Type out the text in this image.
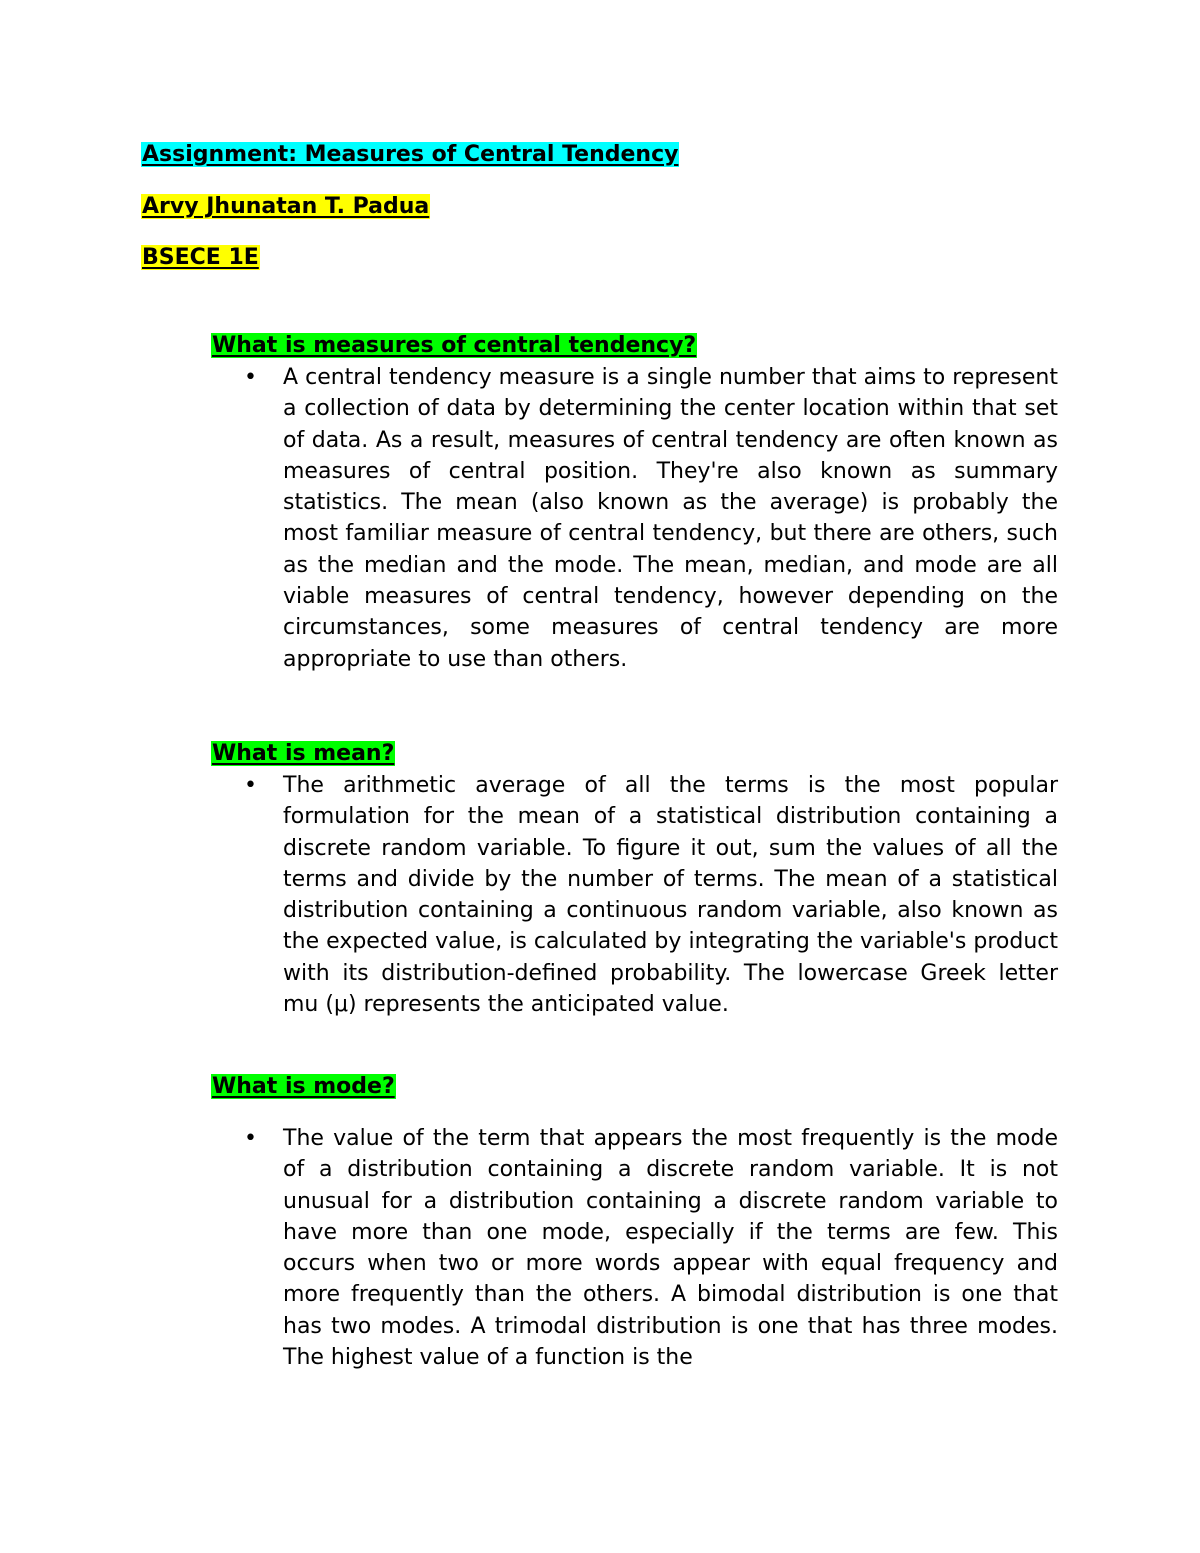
Assignment: Measures of Central Tendency
Arvy Jhunatan T. Padua
BSECE 1E
What is measures of central tendency?
• A central tendency measure is a single number that aims to represent a collection of data by determining the center location within that set of data. As a result, measures of central tendency are often known as measures of central position. They're also known as summary statistics. The mean (also known as the average) is probably the most familiar measure of central tendency, but there are others, such as the median and the mode. The mean, median, and mode are all viable measures of central tendency, however depending on the circumstances, some measures of central tendency are more appropriate to use than others.
What is mean?
• The arithmetic average of all the terms is the most popular formulation for the mean of a statistical distribution containing a discrete random variable. To figure it out, sum the values of all the terms and divide by the number of terms. The mean of a statistical distribution containing a continuous random variable, also known as the expected value, is calculated by integrating the variable's product with its distribution-defined probability. The lowercase Greek letter mu (μ) represents the anticipated value.
What is mode?
• The value of the term that appears the most frequently is the mode of a distribution containing a discrete random variable. It is not unusual for a distribution containing a discrete random variable to have more than one mode, especially if the terms are few. This occurs when two or more words appear with equal frequency and more frequently than the others. A bimodal distribution is one that has two modes. A trimodal distribution is one that has three modes. The highest value of a function is the
